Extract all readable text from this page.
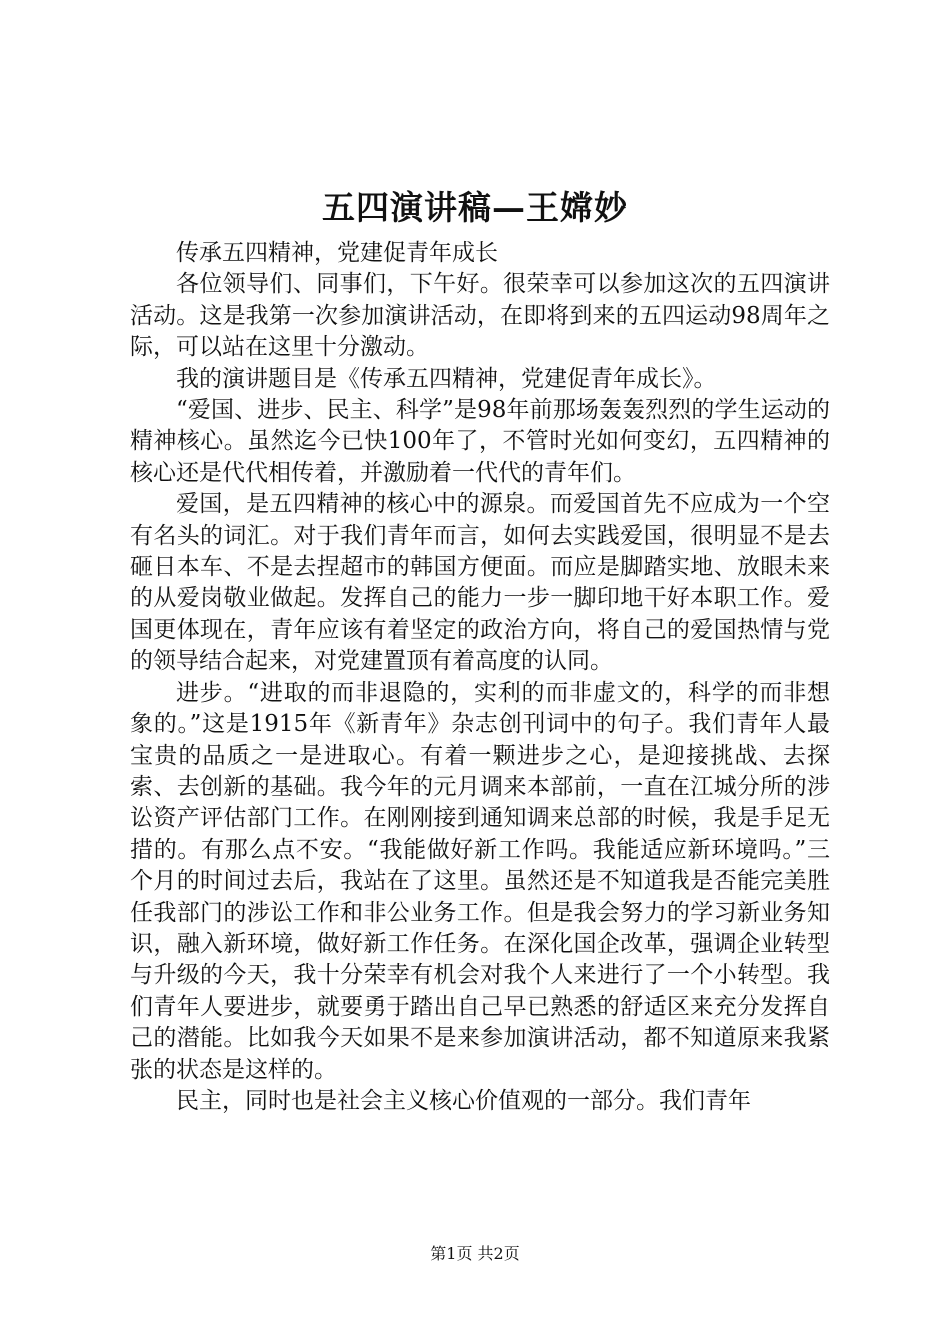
五四演讲稿—王嫦妙

传承五四精神，党建促青年成长

各位领导们、同事们，下午好。很荣幸可以参加这次的五四演讲活动。这是我第一次参加演讲活动，在即将到来的五四运动98周年之际，可以站在这里十分激动。

我的演讲题目是《传承五四精神，党建促青年成长》。

“爱国、进步、民主、科学”是98年前那场轰轰烈烈的学生运动的精神核心。虽然迄今已快100年了，不管时光如何变幻，五四精神的核心还是代代相传着，并激励着一代代的青年们。

爱国，是五四精神的核心中的源泉。而爱国首先不应成为一个空有名头的词汇。对于我们青年而言，如何去实践爱国，很明显不是去砸日本车、不是去捏超市的韩国方便面。而应是脚踏实地、放眼未来的从爱岗敬业做起。发挥自己的能力一步一脚印地干好本职工作。爱国更体现在，青年应该有着坚定的政治方向，将自己的爱国热情与党的领导结合起来，对党建置顶有着高度的认同。

进步。“进取的而非退隐的，实利的而非虚文的，科学的而非想象的。”这是1915年《新青年》杂志创刊词中的句子。我们青年人最宝贵的品质之一是进取心。有着一颗进步之心，是迎接挑战、去探索、去创新的基础。我今年的元月调来本部前，一直在江城分所的涉讼资产评估部门工作。在刚刚接到通知调来总部的时候，我是手足无措的。有那么点不安。“我能做好新工作吗。我能适应新环境吗。”三个月的时间过去后，我站在了这里。虽然还是不知道我是否能完美胜任我部门的涉讼工作和非公业务工作。但是我会努力的学习新业务知识，融入新环境，做好新工作任务。在深化国企改革，强调企业转型与升级的今天，我十分荣幸有机会对我个人来进行了一个小转型。我们青年人要进步，就要勇于踏出自己早已熟悉的舒适区来充分发挥自己的潜能。比如我今天如果不是来参加演讲活动，都不知道原来我紧张的状态是这样的。

民主，同时也是社会主义核心价值观的一部分。我们青年

第1页 共2页
